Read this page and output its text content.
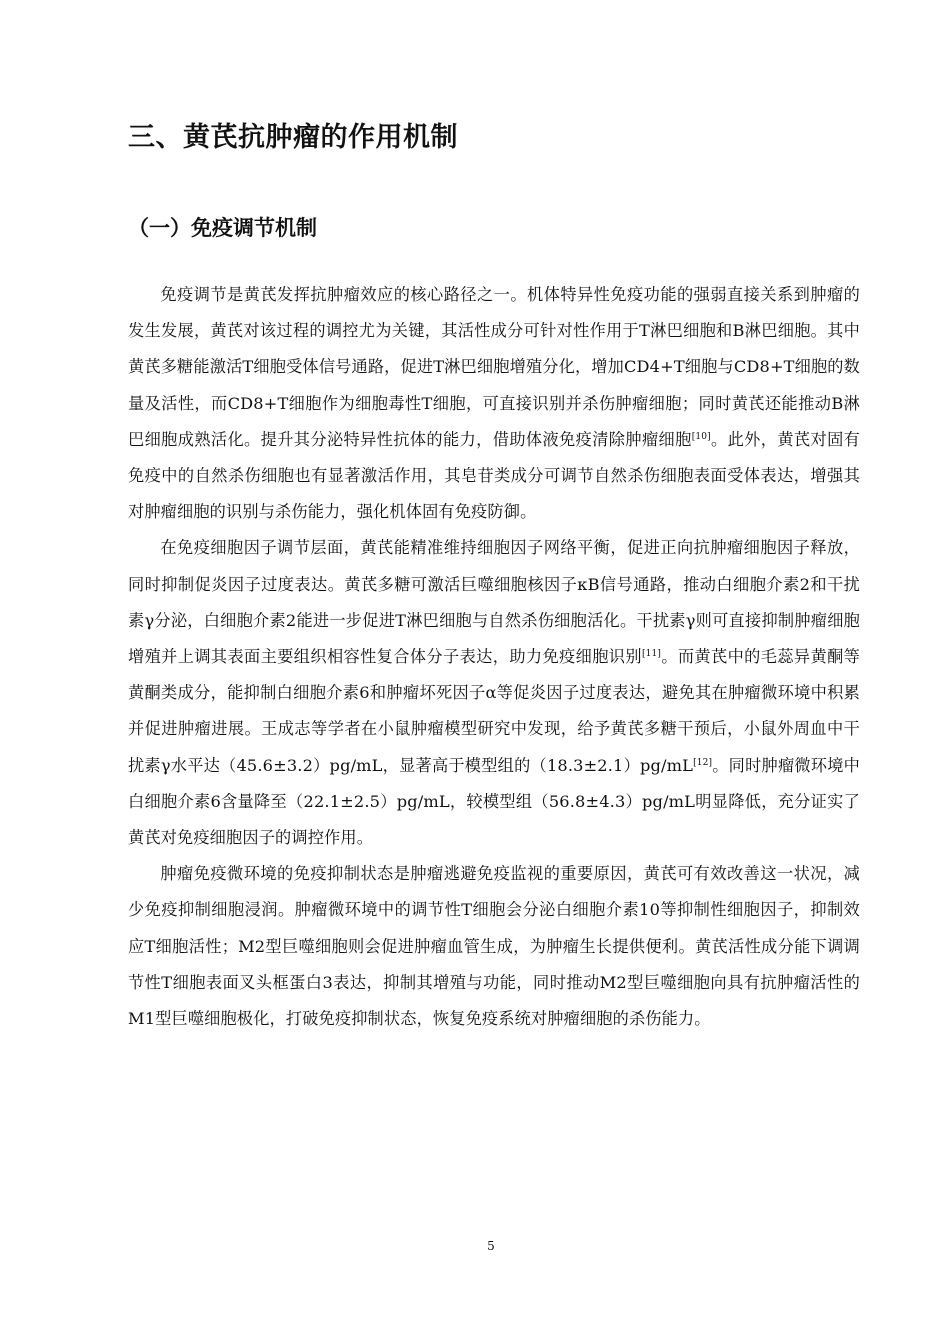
三、黄芪抗肿瘤的作用机制
（一）免疫调节机制

免疫调节是黄芪发挥抗肿瘤效应的核心路径之一。机体特异性免疫功能的强弱直接关系到肿瘤的发生发展，黄芪对该过程的调控尤为关键，其活性成分可针对性作用于T淋巴细胞和B淋巴细胞。其中黄芪多糖能激活T细胞受体信号通路，促进T淋巴细胞增殖分化，增加CD4+T细胞与CD8+T细胞的数量及活性，而CD8+T细胞作为细胞毒性T细胞，可直接识别并杀伤肿瘤细胞；同时黄芪还能推动B淋巴细胞成熟活化。提升其分泌特异性抗体的能力，借助体液免疫清除肿瘤细胞[10]。此外，黄芪对固有免疫中的自然杀伤细胞也有显著激活作用，其皂苷类成分可调节自然杀伤细胞表面受体表达，增强其对肿瘤细胞的识别与杀伤能力，强化机体固有免疫防御。

在免疫细胞因子调节层面，黄芪能精准维持细胞因子网络平衡，促进正向抗肿瘤细胞因子释放，同时抑制促炎因子过度表达。黄芪多糖可激活巨噬细胞核因子κB信号通路，推动白细胞介素2和干扰素γ分泌，白细胞介素2能进一步促进T淋巴细胞与自然杀伤细胞活化。干扰素γ则可直接抑制肿瘤细胞增殖并上调其表面主要组织相容性复合体分子表达，助力免疫细胞识别[11]。而黄芪中的毛蕊异黄酮等黄酮类成分，能抑制白细胞介素6和肿瘤坏死因子α等促炎因子过度表达，避免其在肿瘤微环境中积累并促进肿瘤进展。王成志等学者在小鼠肿瘤模型研究中发现，给予黄芪多糖干预后，小鼠外周血中干扰素γ水平达（45.6±3.2）pg/mL，显著高于模型组的（18.3±2.1）pg/mL[12]。同时肿瘤微环境中白细胞介素6含量降至（22.1±2.5）pg/mL，较模型组（56.8±4.3）pg/mL明显降低，充分证实了黄芪对免疫细胞因子的调控作用。

肿瘤免疫微环境的免疫抑制状态是肿瘤逃避免疫监视的重要原因，黄芪可有效改善这一状况，减少免疫抑制细胞浸润。肿瘤微环境中的调节性T细胞会分泌白细胞介素10等抑制性细胞因子，抑制效应T细胞活性；M2型巨噬细胞则会促进肿瘤血管生成，为肿瘤生长提供便利。黄芪活性成分能下调调节性T细胞表面叉头框蛋白3表达，抑制其增殖与功能，同时推动M2型巨噬细胞向具有抗肿瘤活性的M1型巨噬细胞极化，打破免疫抑制状态，恢复免疫系统对肿瘤细胞的杀伤能力。

5
